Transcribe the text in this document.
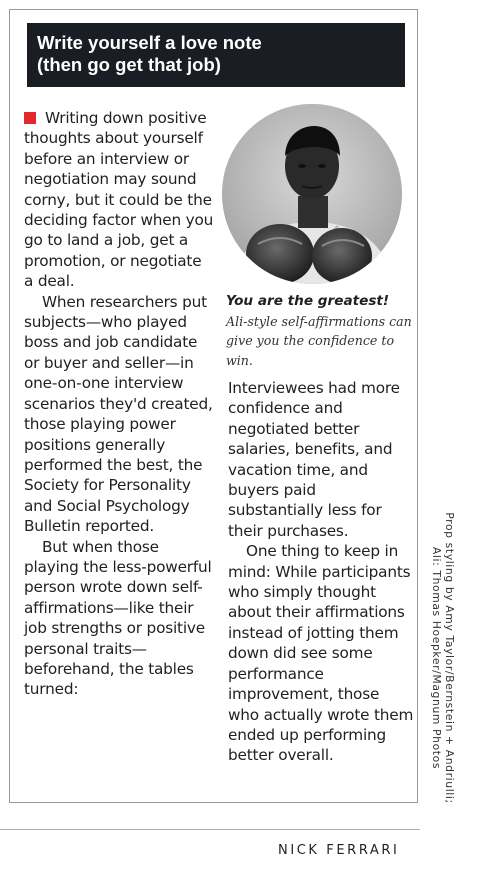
Write yourself a love note
(then go get that job)

Writing down positive thoughts about yourself before an interview or negotiation may sound corny, but it could be the deciding factor when you go to land a job, get a promotion, or negotiate a deal.

When researchers put subjects—who played boss and job candidate or buyer and seller—in one-on-one interview scenarios they'd created, those playing power positions generally performed the best, the Society for Personality and Social Psychology Bulletin reported.

But when those playing the less-powerful person wrote down self-affirmations—like their job strengths or positive personal traits—beforehand, the tables turned:

You are the greatest!
Ali-style self-affirmations can give you the confidence to win.

Interviewees had more confidence and negotiated better salaries, benefits, and vacation time, and buyers paid substantially less for their purchases.

One thing to keep in mind: While participants who simply thought about their affirmations instead of jotting them down did see some performance improvement, those who actually wrote them ended up performing better overall.	Prop styling by Amy Taylor/Bernstein + Andriulli;
Ali: Thomas Hoepker/Magnum Photos
NICK FERRARI
